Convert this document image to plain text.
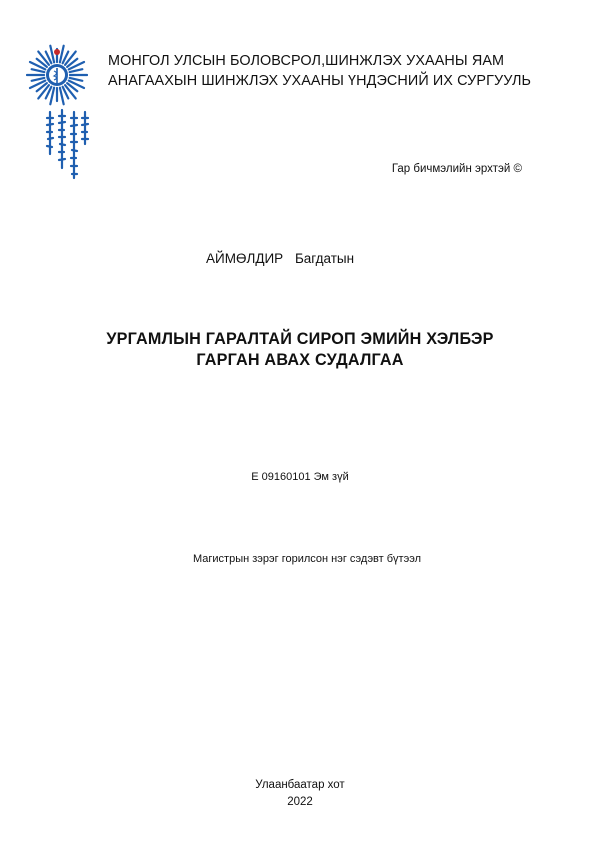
МОНГОЛ УЛСЫН БОЛОВСРОЛ,ШИНЖЛЭХ УХААНЫ ЯАМ
АНАГААХЫН ШИНЖЛЭХ УХААНЫ ҮНДЭСНИЙ ИХ СУРГУУЛЬ
Гар бичмэлийн эрхтэй ©
АЙМӨЛДИР Багдатын
УРГАМЛЫН ГАРАЛТАЙ СИРОП ЭМИЙН ХЭЛБЭР
ГАРГАН АВАХ СУДАЛГАА
Е 09160101 Эм зүй
Магистрын зэрэг горилсон нэг сэдэвт бүтээл
Улаанбаатар хот
2022
